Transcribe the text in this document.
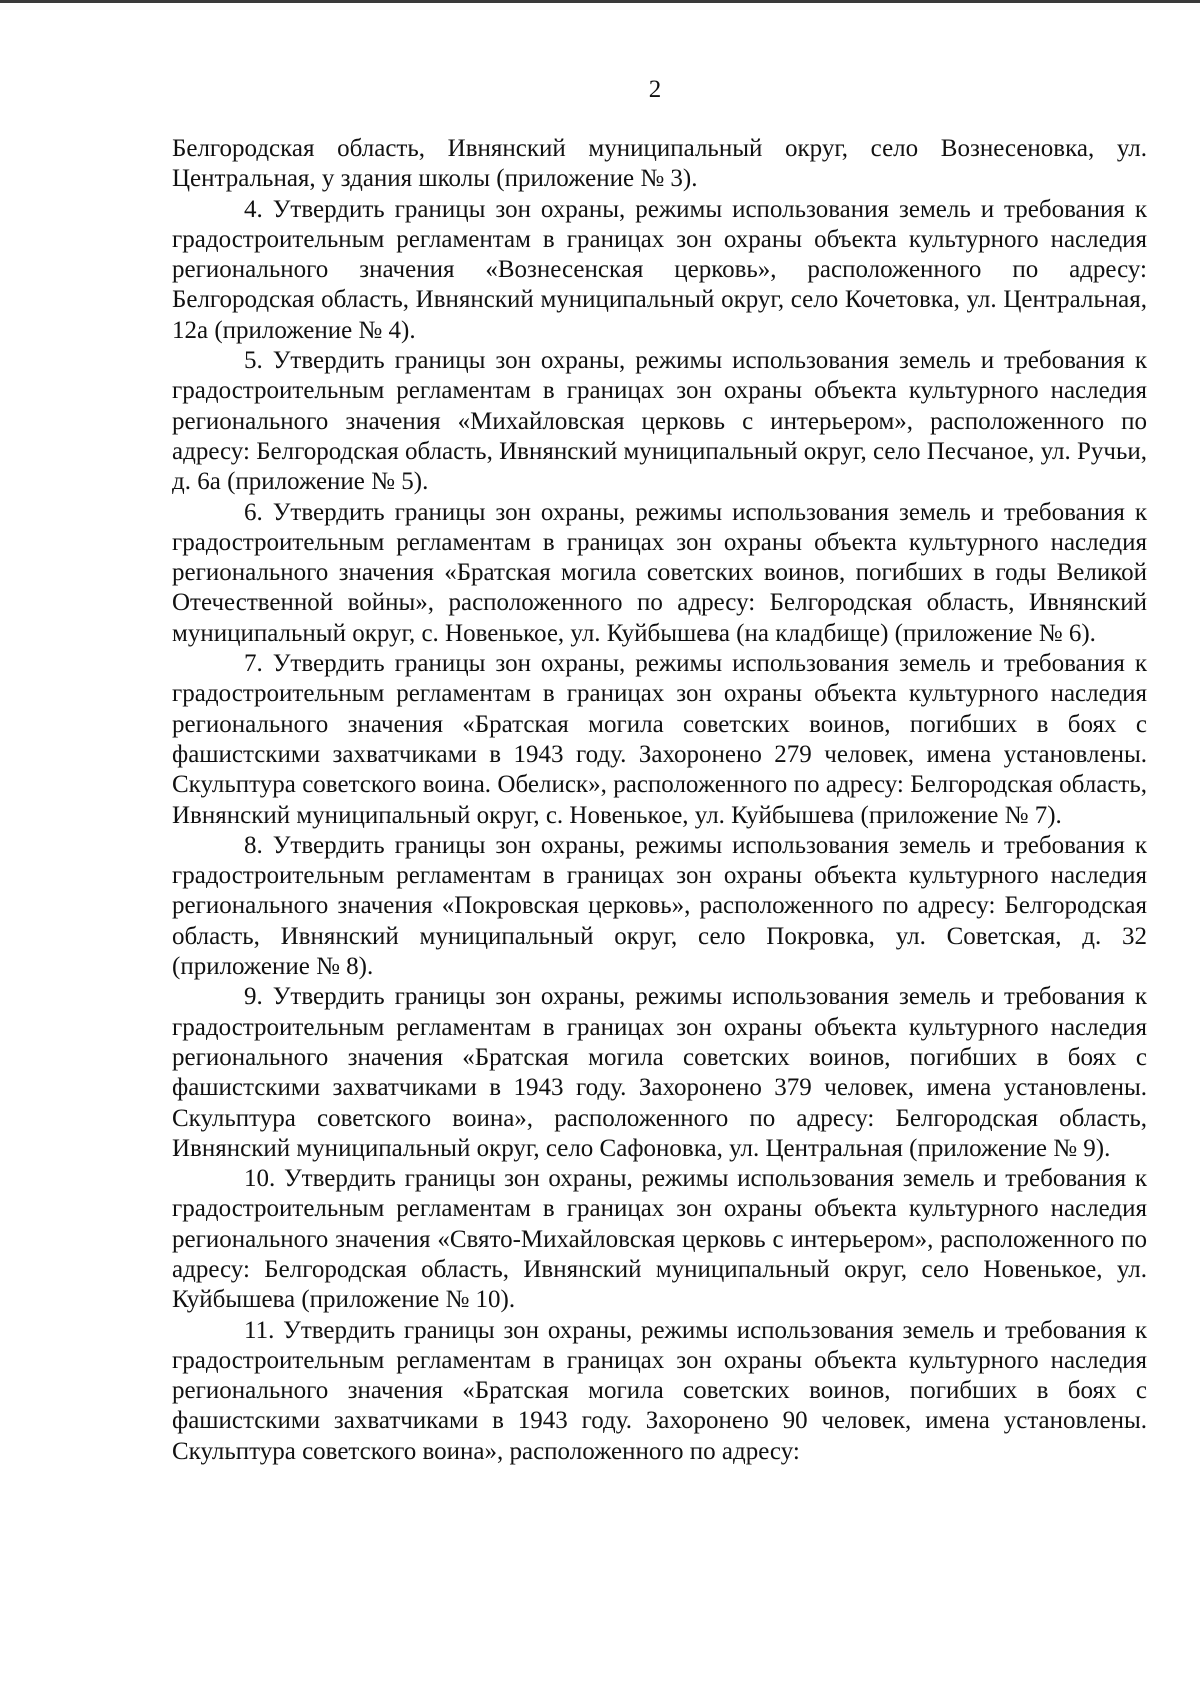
2

Белгородская область, Ивнянский муниципальный округ, село Вознесеновка, ул. Центральная, у здания школы (приложение № 3).

4. Утвердить границы зон охраны, режимы использования земель и требования к градостроительным регламентам в границах зон охраны объекта культурного наследия регионального значения «Вознесенская церковь», расположенного по адресу: Белгородская область, Ивнянский муниципальный округ, село Кочетовка, ул. Центральная, 12а (приложение № 4).

5. Утвердить границы зон охраны, режимы использования земель и требования к градостроительным регламентам в границах зон охраны объекта культурного наследия регионального значения «Михайловская церковь с интерьером», расположенного по адресу: Белгородская область, Ивнянский муниципальный округ, село Песчаное, ул. Ручьи, д. 6а (приложение № 5).

6. Утвердить границы зон охраны, режимы использования земель и требования к градостроительным регламентам в границах зон охраны объекта культурного наследия регионального значения «Братская могила советских воинов, погибших в годы Великой Отечественной войны», расположенного по адресу: Белгородская область, Ивнянский муниципальный округ, с. Новенькое, ул. Куйбышева (на кладбище) (приложение № 6).

7. Утвердить границы зон охраны, режимы использования земель и требования к градостроительным регламентам в границах зон охраны объекта культурного наследия регионального значения «Братская могила советских воинов, погибших в боях с фашистскими захватчиками в 1943 году. Захоронено 279 человек, имена установлены. Скульптура советского воина. Обелиск», расположенного по адресу: Белгородская область, Ивнянский муниципальный округ, с. Новенькое, ул. Куйбышева (приложение № 7).

8. Утвердить границы зон охраны, режимы использования земель и требования к градостроительным регламентам в границах зон охраны объекта культурного наследия регионального значения «Покровская церковь», расположенного по адресу: Белгородская область, Ивнянский муниципальный округ, село Покровка, ул. Советская, д. 32 (приложение № 8).

9. Утвердить границы зон охраны, режимы использования земель и требования к градостроительным регламентам в границах зон охраны объекта культурного наследия регионального значения «Братская могила советских воинов, погибших в боях с фашистскими захватчиками в 1943 году. Захоронено 379 человек, имена установлены. Скульптура советского воина», расположенного по адресу: Белгородская область, Ивнянский муниципальный округ, село Сафоновка, ул. Центральная (приложение № 9).

10. Утвердить границы зон охраны, режимы использования земель и требования к градостроительным регламентам в границах зон охраны объекта культурного наследия регионального значения «Свято-Михайловская церковь с интерьером», расположенного по адресу: Белгородская область, Ивнянский муниципальный округ, село Новенькое, ул. Куйбышева (приложение № 10).

11. Утвердить границы зон охраны, режимы использования земель и требования к градостроительным регламентам в границах зон охраны объекта культурного наследия регионального значения «Братская могила советских воинов, погибших в боях с фашистскими захватчиками в 1943 году. Захоронено 90 человек, имена установлены. Скульптура советского воина», расположенного по адресу:
